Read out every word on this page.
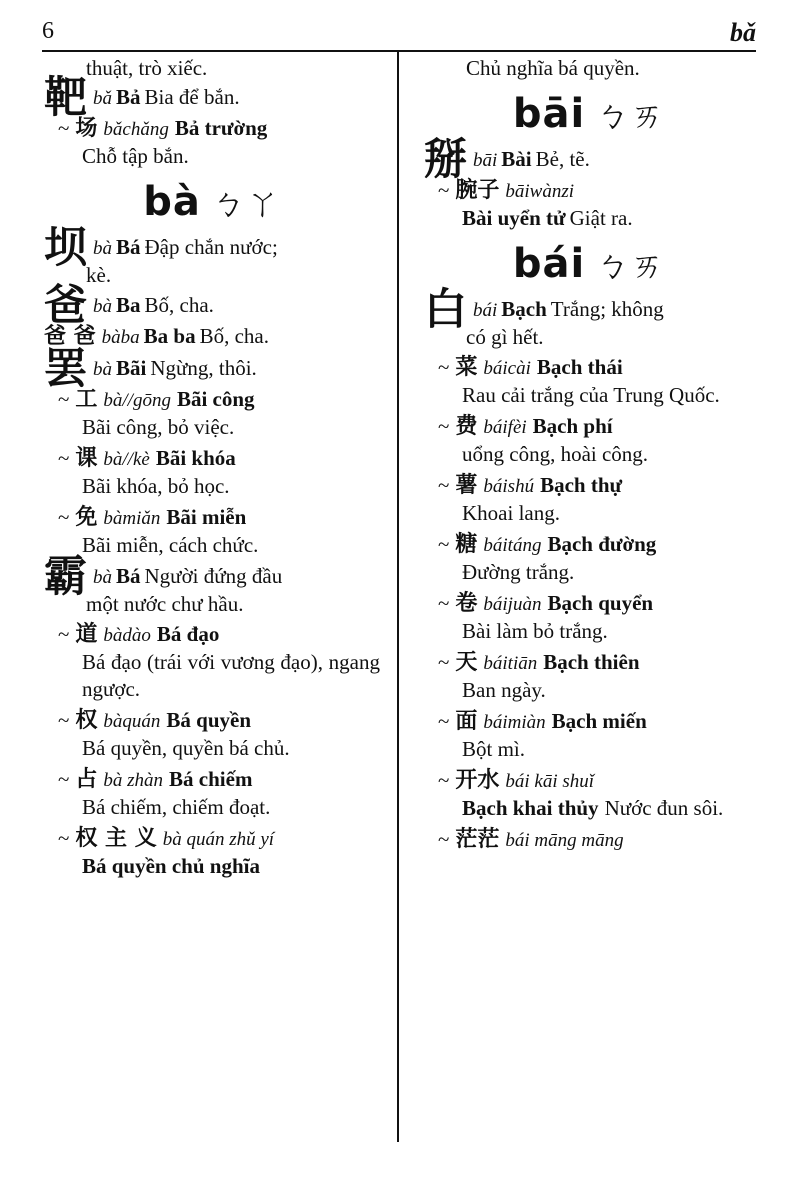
6	bǎ
thuật, trò xiếc.
靶bǎ Bả Bia để bắn.
~ 场 bǎchǎng Bả trường
Chỗ tập bắn.
bà ㄅㄚ
坝bà Bá Đập chắn nước;
kè.
爸bà Ba Bố, cha.
爸 爸 bàba Ba ba Bố, cha.
罢bà Bãi Ngừng, thôi.
~ 工 bà//gōng Bãi công
Bãi công, bỏ việc.
~ 课 bà//kè Bãi khóa
Bãi khóa, bỏ học.
~ 免 bàmiǎn Bãi miễn
Bãi miễn, cách chức.
霸bà Bá Người đứng đầu
một nước chư hầu.
~ 道 bàdào Bá đạo
Bá đạo (trái với vương đạo), ngang ngược.
~ 权 bàquán Bá quyền
Bá quyền, quyền bá chủ.
~ 占 bà zhàn Bá chiếm
Bá chiếm, chiếm đoạt.
~ 权 主 义 bà quán zhǔ yí
Bá quyền chủ nghĩa
Chủ nghĩa bá quyền.
bāi ㄅㄞ
掰bāi Bài Bẻ, tẽ.
~ 腕子 bāiwànzi
Bài uyển tử Giật ra.
bái ㄅㄞ
白bái Bạch Trắng; không
có gì hết.
~ 菜 báicài Bạch thái
Rau cải trắng của Trung Quốc.
~ 费 báifèi Bạch phí
uổng công, hoài công.
~ 薯 báishú Bạch thự
Khoai lang.
~ 糖 báitáng Bạch đường
Đường trắng.
~ 卷 báijuàn Bạch quyển
Bài làm bỏ trắng.
~ 天 báitiān Bạch thiên
Ban ngày.
~ 面 báimiàn Bạch miến
Bột mì.
~ 开水 bái kāi shuǐ
Bạch khai thủy Nước đun sôi.
~ 茫茫 bái māng māng
